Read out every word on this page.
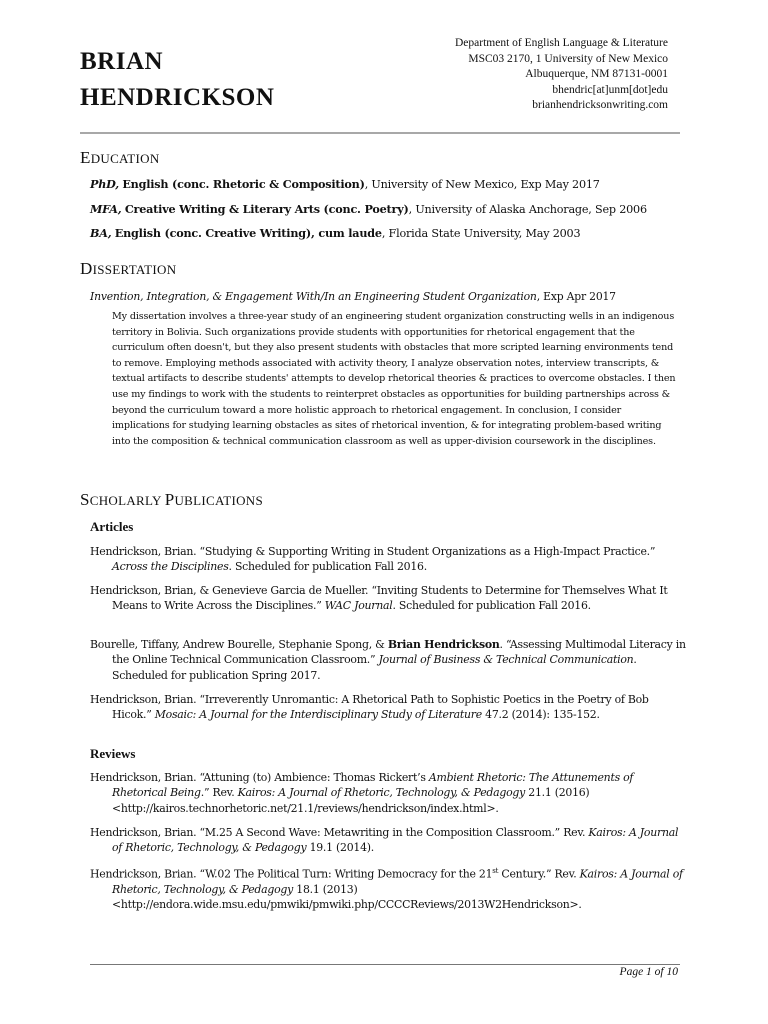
BRIAN
HENDRICKSON
Department of English Language & Literature
MSC03 2170, 1 University of New Mexico
Albuquerque, NM 87131-0001
bhendric[at]unm[dot]edu
brianhendricksonwriting.com
EDUCATION
PhD, English (conc. Rhetoric & Composition), University of New Mexico, Exp May 2017
MFA, Creative Writing & Literary Arts (conc. Poetry), University of Alaska Anchorage, Sep 2006
BA, English (conc. Creative Writing), cum laude, Florida State University, May 2003
DISSERTATION
Invention, Integration, & Engagement With/In an Engineering Student Organization, Exp Apr 2017
My dissertation involves a three-year study of an engineering student organization constructing wells in an indigenous territory in Bolivia. Such organizations provide students with opportunities for rhetorical engagement that the curriculum often doesn't, but they also present students with obstacles that more scripted learning environments tend to remove. Employing methods associated with activity theory, I analyze observation notes, interview transcripts, & textual artifacts to describe students' attempts to develop rhetorical theories & practices to overcome obstacles. I then use my findings to work with the students to reinterpret obstacles as opportunities for building partnerships across & beyond the curriculum toward a more holistic approach to rhetorical engagement. In conclusion, I consider implications for studying learning obstacles as sites of rhetorical invention, & for integrating problem-based writing into the composition & technical communication classroom as well as upper-division coursework in the disciplines.
SCHOLARLY PUBLICATIONS
Articles
Hendrickson, Brian. “Studying & Supporting Writing in Student Organizations as a High-Impact Practice.” Across the Disciplines. Scheduled for publication Fall 2016.
Hendrickson, Brian, & Genevieve Garcia de Mueller. “Inviting Students to Determine for Themselves What It Means to Write Across the Disciplines.” WAC Journal. Scheduled for publication Fall 2016.
Bourelle, Tiffany, Andrew Bourelle, Stephanie Spong, & Brian Hendrickson. “Assessing Multimodal Literacy in the Online Technical Communication Classroom.” Journal of Business & Technical Communication. Scheduled for publication Spring 2017.
Hendrickson, Brian. “Irreverently Unromantic: A Rhetorical Path to Sophistic Poetics in the Poetry of Bob Hicok.” Mosaic: A Journal for the Interdisciplinary Study of Literature 47.2 (2014): 135-152.
Reviews
Hendrickson, Brian. “Attuning (to) Ambience: Thomas Rickert’s Ambient Rhetoric: The Attunements of Rhetorical Being.” Rev. Kairos: A Journal of Rhetoric, Technology, & Pedagogy 21.1 (2016) <http://kairos.technorhetoric.net/21.1/reviews/hendrickson/index.html>.
Hendrickson, Brian. “M.25 A Second Wave: Metawriting in the Composition Classroom.” Rev. Kairos: A Journal of Rhetoric, Technology, & Pedagogy 19.1 (2014).
Hendrickson, Brian. “W.02 The Political Turn: Writing Democracy for the 21st Century.” Rev. Kairos: A Journal of Rhetoric, Technology, & Pedagogy 18.1 (2013) <http://endora.wide.msu.edu/pmwiki/pmwiki.php/CCCCReviews/2013W2Hendrickson>.
Page 1 of 10
